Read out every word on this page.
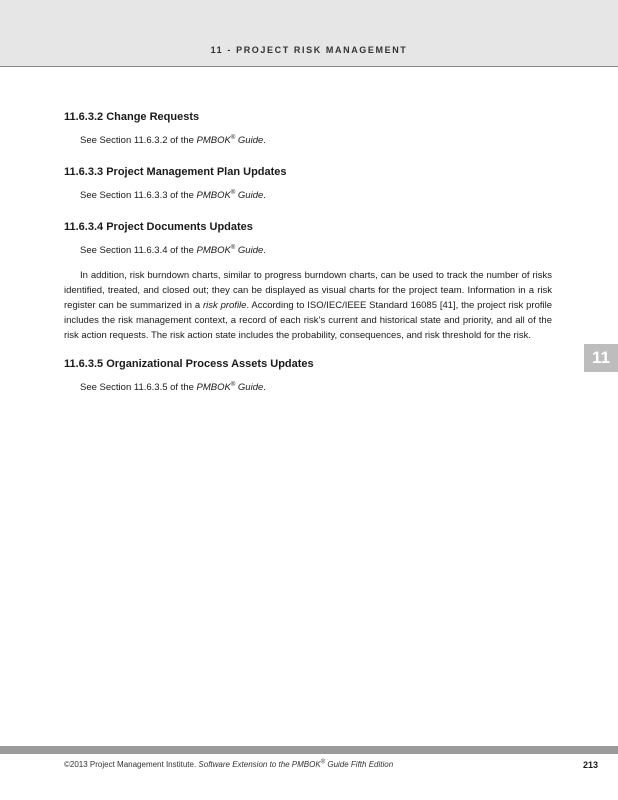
11 - PROJECT RISK MANAGEMENT
11.6.3.2 Change Requests

See Section 11.6.3.2 of the PMBOK® Guide.

11.6.3.3 Project Management Plan Updates

See Section 11.6.3.3 of the PMBOK® Guide.

11.6.3.4 Project Documents Updates

See Section 11.6.3.4 of the PMBOK® Guide.

In addition, risk burndown charts, similar to progress burndown charts, can be used to track the number of risks identified, treated, and closed out; they can be displayed as visual charts for the project team. Information in a risk register can be summarized in a risk profile. According to ISO/IEC/IEEE Standard 16085 [41], the project risk profile includes the risk management context, a record of each risk’s current and historical state and priority, and all of the risk action requests. The risk action state includes the probability, consequences, and risk threshold for the risk.

11.6.3.5 Organizational Process Assets Updates

See Section 11.6.3.5 of the PMBOK® Guide.

11
©2013 Project Management Institute. Software Extension to the PMBOK® Guide Fifth Edition	213
